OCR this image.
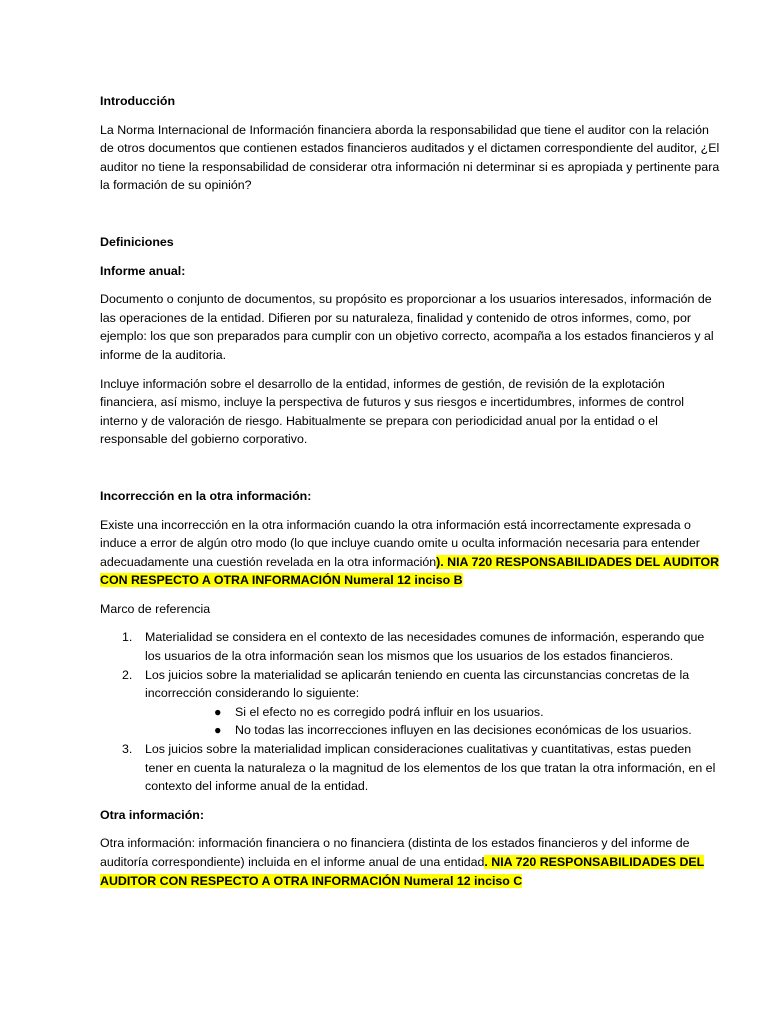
Introducción

La Norma Internacional de Información financiera aborda la responsabilidad que tiene el auditor con la relación de otros documentos que contienen estados financieros auditados y el dictamen correspondiente del auditor, ¿El auditor no tiene la responsabilidad de considerar otra información ni determinar si es apropiada y pertinente para la formación de su opinión?

Definiciones

Informe anual:

Documento o conjunto de documentos, su propósito es proporcionar a los usuarios interesados, información de las operaciones de la entidad. Difieren por su naturaleza, finalidad y contenido de otros informes, como, por ejemplo: los que son preparados para cumplir con un objetivo correcto, acompaña a los estados financieros y al informe de la auditoria.

Incluye información sobre el desarrollo de la entidad, informes de gestión, de revisión de la explotación financiera, así mismo, incluye la perspectiva de futuros y sus riesgos e incertidumbres, informes de control interno y de valoración de riesgo. Habitualmente se prepara con periodicidad anual por la entidad o el responsable del gobierno corporativo.

Incorrección en la otra información:

Existe una incorrección en la otra información cuando la otra información está incorrectamente expresada o induce a error de algún otro modo (lo que incluye cuando omite u oculta información necesaria para entender adecuadamente una cuestión revelada en la otra información). NIA 720 RESPONSABILIDADES DEL AUDITOR CON RESPECTO A OTRA INFORMACIÓN Numeral 12 inciso B

Marco de referencia

1. Materialidad se considera en el contexto de las necesidades comunes de información, esperando que los usuarios de la otra información sean los mismos que los usuarios de los estados financieros.
2. Los juicios sobre la materialidad se aplicarán teniendo en cuenta las circunstancias concretas de la incorrección considerando lo siguiente:
● Si el efecto no es corregido podrá influir en los usuarios.
● No todas las incorrecciones influyen en las decisiones económicas de los usuarios.
3. Los juicios sobre la materialidad implican consideraciones cualitativas y cuantitativas, estas pueden tener en cuenta la naturaleza o la magnitud de los elementos de los que tratan la otra información, en el contexto del informe anual de la entidad.

Otra información:

Otra información: información financiera o no financiera (distinta de los estados financieros y del informe de auditoría correspondiente) incluida en el informe anual de una entidad. NIA 720 RESPONSABILIDADES DEL AUDITOR CON RESPECTO A OTRA INFORMACIÓN Numeral 12 inciso C
